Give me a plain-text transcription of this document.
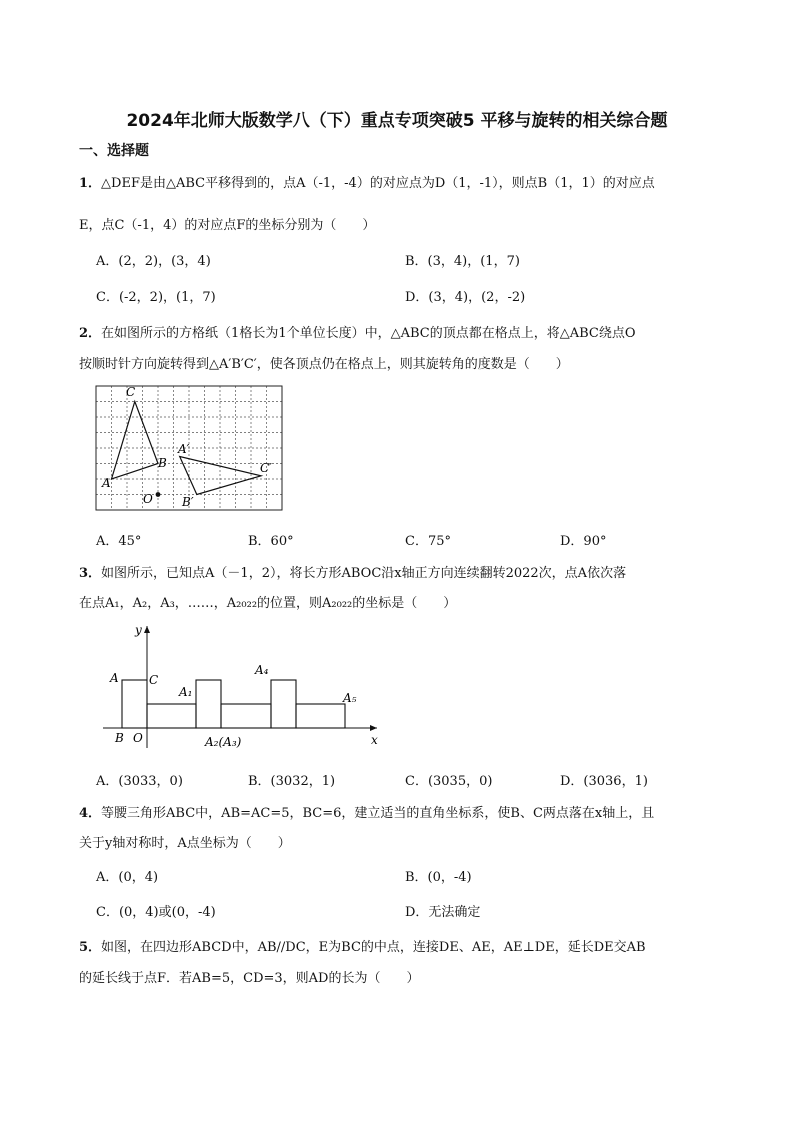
2024年北师大版数学八（下）重点专项突破5 平移与旋转的相关综合题
一、选择题
1．△DEF是由△ABC平移得到的，点A（-1，-4）的对应点为D（1，-1），则点B（1，1）的对应点
E，点C（-1，4）的对应点F的坐标分别为（　　）
A．(2，2)，(3，4)	B．(3，4)，(1，7)
C．(-2，2)，(1，7)	D．(3，4)，(2，-2)
2．在如图所示的方格纸（1格长为1个单位长度）中，△ABC的顶点都在格点上，将△ABC绕点O
按顺时针方向旋转得到△A′B′C′，使各顶点仍在格点上，则其旋转角的度数是（　　）
C
A
B
O
A′
B′
C′
A．45°	B．60°	C．75°	D．90°
3．如图所示，已知点A（－1，2），将长方形ABOC沿x轴正方向连续翻转2022次，点A依次落
在点A₁，A₂，A₃，……，A₂₀₂₂的位置，则A₂₀₂₂的坐标是（　　）
y
A	C
A₁
A₄
A₅
B O	A₂(A₃)	x
A．(3033，0)	B．(3032，1)	C．(3035，0)	D．(3036，1)
4．等腰三角形ABC中，AB=AC=5，BC=6，建立适当的直角坐标系，使B、C两点落在x轴上，且
关于y轴对称时，A点坐标为（　　）
A．(0，4)	B．(0，-4)
C．(0，4)或(0，-4)	D．无法确定
5．如图，在四边形ABCD中，AB//DC，E为BC的中点，连接DE、AE，AE⊥DE，延长DE交AB
的延长线于点F．若AB=5，CD=3，则AD的长为（　　）
